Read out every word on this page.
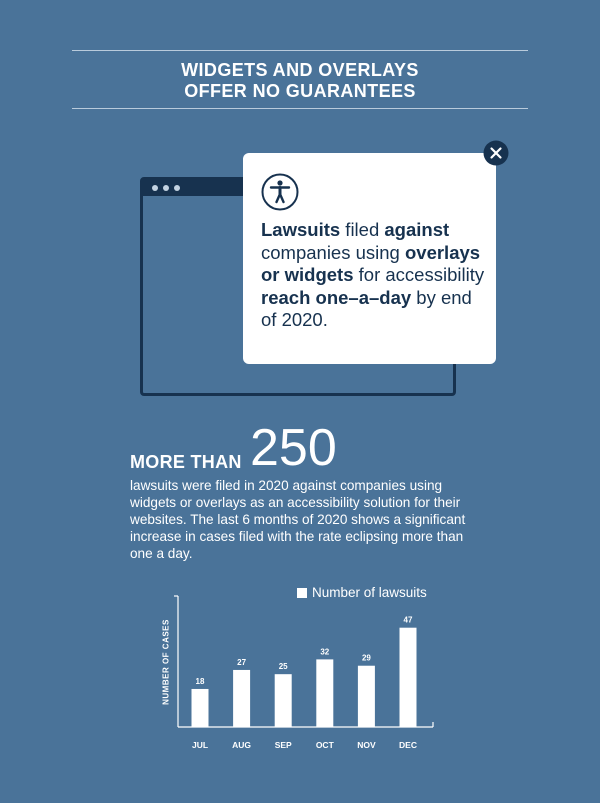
WIDGETS AND OVERLAYS
OFFER NO GUARANTEES
Lawsuits filed against companies using overlays or widgets for accessibility reach one–a–day by end of 2020.
MORE THAN 250
lawsuits were filed in 2020 against companies using widgets or overlays as an accessibility solution for their websites. The last 6 months of 2020 shows a significant increase in cases filed with the rate eclipsing more than one a day.
Number of lawsuits
NUMBER OF CASES	18
JUL
27
AUG
25
SEP
32
OCT
29
NOV
47
DEC
